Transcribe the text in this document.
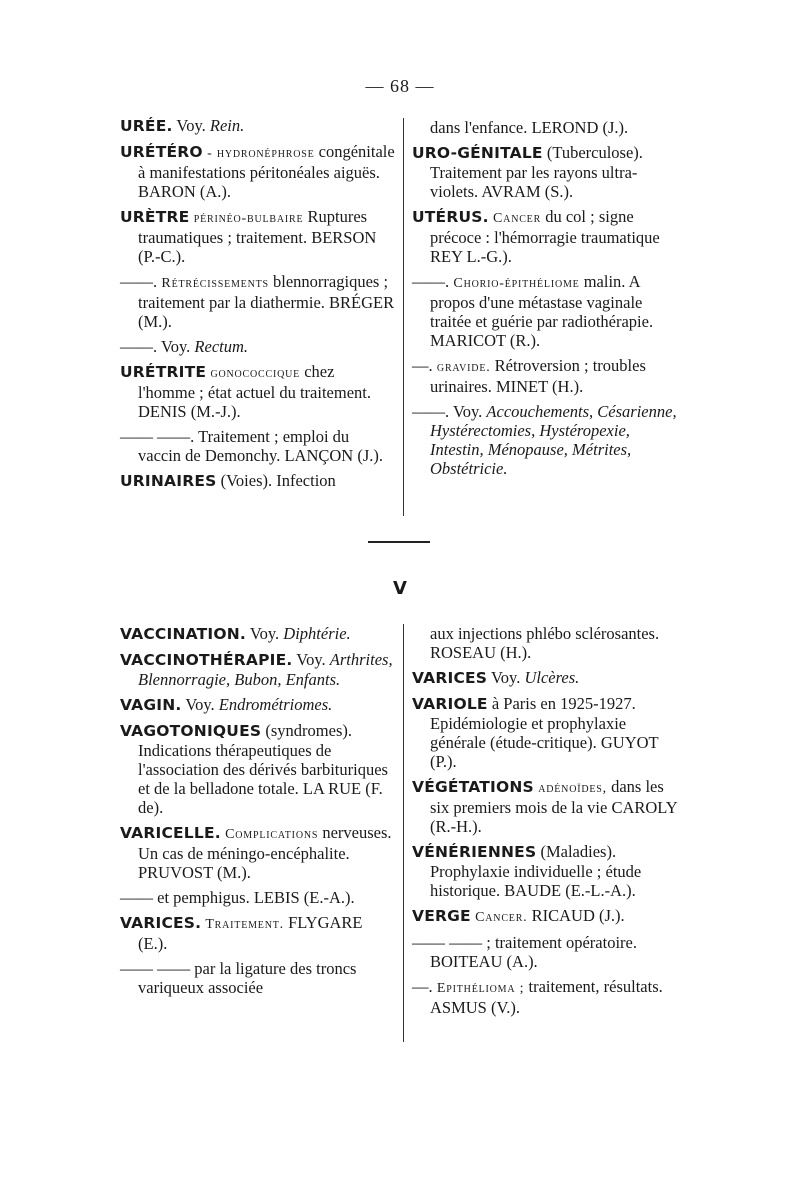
— 68 —

URÉE. Voy. Rein.

URÉTÉRO - hydronéphrose congénitale à manifestations péritonéales aiguës. BARON (A.).

URÈTRE périnéo-bulbaire Ruptures traumatiques ; traitement. BERSON (P.-C.).

——. Rétrécissements blennorragiques ; traitement par la diathermie. BRÉGER (M.).

——. Voy. Rectum.

URÉTRITE gonococcique chez l'homme ; état actuel du traitement. DENIS (M.-J.).

—— ——. Traitement ; emploi du vaccin de Demonchy. LANÇON (J.).

URINAIRES (Voies). Infection

dans l'enfance. LEROND (J.).

URO-GÉNITALE (Tuberculose). Traitement par les rayons ultra-violets. AVRAM (S.).

UTÉRUS. Cancer du col ; signe précoce : l'hémorragie traumatique REY L.-G.).

——. Chorio-épithéliome malin. A propos d'une métastase vaginale traitée et guérie par radiothérapie. MARICOT (R.).

—. gravide. Rétroversion ; troubles urinaires. MINET (H.).

——. Voy. Accouchements, Césarienne, Hystérectomies, Hystéropexie, Intestin, Ménopause, Métrites, Obstétricie.

V

VACCINATION. Voy. Diphtérie.

VACCINOTHÉRAPIE. Voy. Arthrites, Blennorragie, Bubon, Enfants.

VAGIN. Voy. Endrométriomes.

VAGOTONIQUES (syndromes). Indications thérapeutiques de l'association des dérivés barbituriques et de la belladone totale. LA RUE (F. de).

VARICELLE. Complications nerveuses. Un cas de méningo-encéphalite. PRUVOST (M.).

—— et pemphigus. LEBIS (E.-A.).

VARICES. Traitement. FLYGARE (E.).

—— —— par la ligature des troncs variqueux associée

aux injections phlébo sclérosantes. ROSEAU (H.).

VARICES Voy. Ulcères.

VARIOLE à Paris en 1925-1927. Epidémiologie et prophylaxie générale (étude-critique). GUYOT (P.).

VÉGÉTATIONS adénoïdes, dans les six premiers mois de la vie CAROLY (R.-H.).

VÉNÉRIENNES (Maladies). Prophylaxie individuelle ; étude historique. BAUDE (E.-L.-A.).

VERGE Cancer. RICAUD (J.).

—— —— ; traitement opératoire. BOITEAU (A.).

—. Epithélioma ; traitement, résultats. ASMUS (V.).
